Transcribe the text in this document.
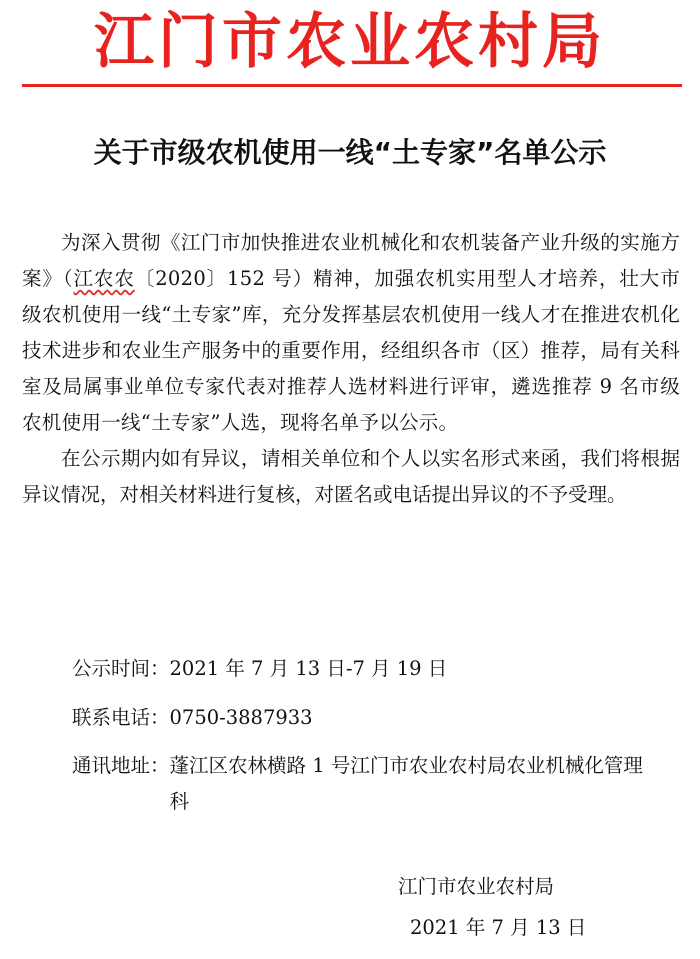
江门市农业农村局
关于市级农机使用一线“土专家”名单公示

为深入贯彻《江门市加快推进农业机械化和农机装备产业升级的实施方案》（江农农〔2020〕152 号）精神，加强农机实用型人才培养，壮大市级农机使用一线“土专家”库，充分发挥基层农机使用一线人才在推进农机化技术进步和农业生产服务中的重要作用，经组织各市（区）推荐，局有关科室及局属事业单位专家代表对推荐人选材料进行评审，遴选推荐 9 名市级农机使用一线“土专家”人选，现将名单予以公示。

在公示期内如有异议，请相关单位和个人以实名形式来函，我们将根据异议情况，对相关材料进行复核，对匿名或电话提出异议的不予受理。

公示时间：2021 年 7 月 13 日-7 月 19 日
联系电话：0750-3887933
通讯地址：蓬江区农林横路 1 号江门市农业农村局农业机械化管理科
江门市农业农村局
2021 年 7 月 13 日
